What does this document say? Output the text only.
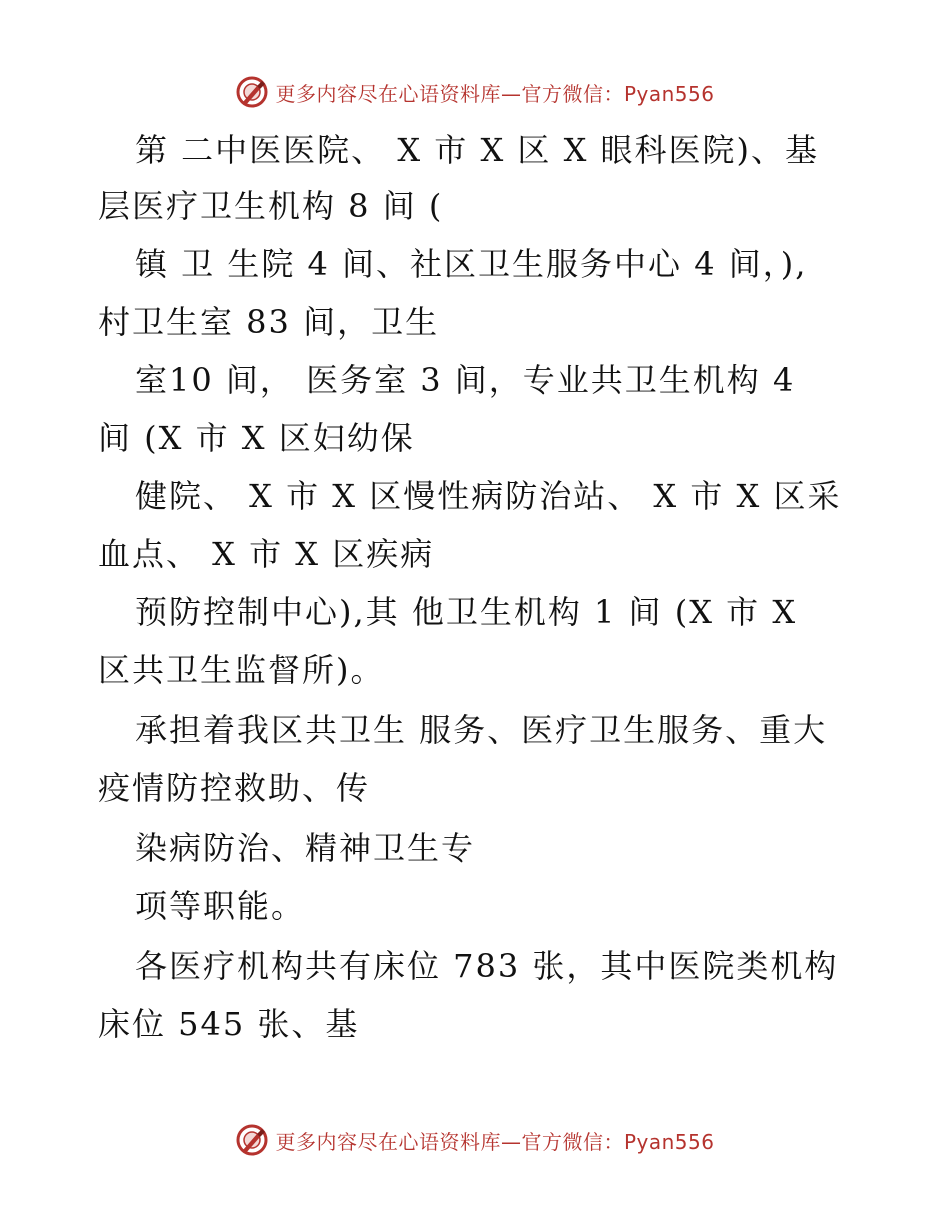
更多内容尽在心语资料库—官方微信：Pyan556
第 二中医医院、 X 市 X 区 X 眼科医院)、基
层医疗卫生机构 8 间 (
镇 卫 生院 4 间、社区卫生服务中心 4 间，),
村卫生室 83 间，卫生
室10 间， 医务室 3 间，专业共卫生机构 4
间 (X 市 X 区妇幼保
健院、 X 市 X 区慢性病防治站、 X 市 X 区采
血点、 X 市 X 区疾病
预防控制中心),其 他卫生机构 1 间 (X 市 X
区共卫生监督所)。
承担着我区共卫生 服务、医疗卫生服务、重大
疫情防控救助、传
染病防治、精神卫生专
项等职能。
各医疗机构共有床位 783 张，其中医院类机构
床位 545 张、基
更多内容尽在心语资料库—官方微信：Pyan556
